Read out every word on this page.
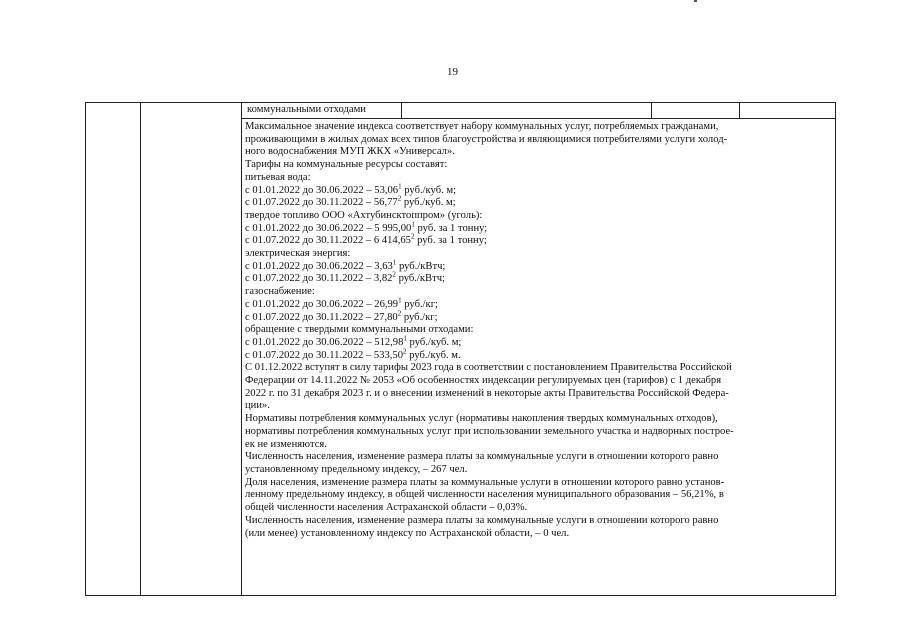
19
коммунальными отходами
Максимальное значение индекса соответствует набору коммунальных услуг, потребляемых гражданами,
проживающими в жилых домах всех типов благоустройства и являющимися потребителями услуги холод-
ного водоснабжения МУП ЖКХ «Универсал».
Тарифы на коммунальные ресурсы составят:
питьевая вода:
с 01.01.2022 до 30.06.2022 – 53,06$^1$ руб./куб. м;
с 01.07.2022 до 30.11.2022 – 56,77$^2$ руб./куб. м;
твердое топливо ООО «Ахтубинсктоппром» (уголь):
с 01.01.2022 до 30.06.2022 – 5 995,00$^1$ руб. за 1 тонну;
с 01.07.2022 до 30.11.2022 – 6 414,65$^2$ руб. за 1 тонну;
электрическая энергия:
с 01.01.2022 до 30.06.2022 – 3,63$^1$ руб./кВтч;
с 01.07.2022 до 30.11.2022 – 3,82$^2$ руб./кВтч;
газоснабжение:
с 01.01.2022 до 30.06.2022 – 26,99$^1$ руб./кг;
с 01.07.2022 до 30.11.2022 – 27,80$^2$ руб./кг;
обращение с твердыми коммунальными отходами:
с 01.01.2022 до 30.06.2022 – 512,98$^1$ руб./куб. м;
с 01.07.2022 до 30.11.2022 – 533,50$^2$ руб./куб. м.
С 01.12.2022 вступят в силу тарифы 2023 года в соответствии с постановлением Правительства Российской
Федерации от 14.11.2022 № 2053 «Об особенностях индексации регулируемых цен (тарифов) с 1 декабря
2022 г. по 31 декабря 2023 г. и о внесении изменений в некоторые акты Правительства Российской Федера-
ции».
Нормативы потребления коммунальных услуг (нормативы накопления твердых коммунальных отходов),
нормативы потребления коммунальных услуг при использовании земельного участка и надворных построе-
ек не изменяются.
Численность населения, изменение размера платы за коммунальные услуги в отношении которого равно
установленному предельному индексу, – 267 чел.
Доля населения, изменение размера платы за коммунальные услуги в отношении которого равно установ-
ленному предельному индексу, в общей численности населения муниципального образования – 56,21%, в
общей численности населения Астраханской области – 0,03%.
Численность населения, изменение размера платы за коммунальные услуги в отношении которого равно
(или менее) установленному индексу по Астраханской области, – 0 чел.
